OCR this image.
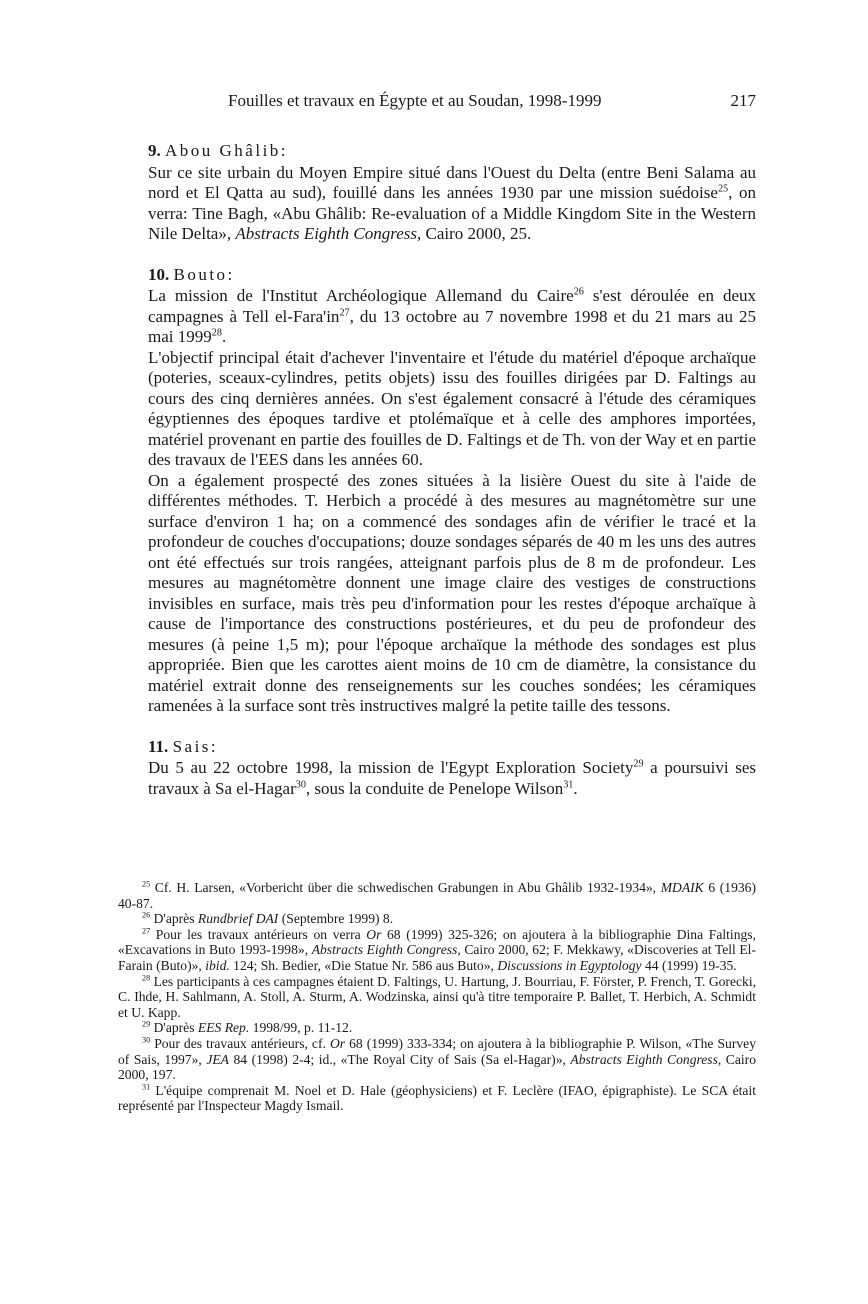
Fouilles et travaux en Égypte et au Soudan, 1998-1999	217
9. Abou Ghâlib:

Sur ce site urbain du Moyen Empire situé dans l'Ouest du Delta (entre Beni Salama au nord et El Qatta au sud), fouillé dans les années 1930 par une mission suédoise$^{25}$, on verra: Tine Bagh, «Abu Ghâlib: Re-evaluation of a Middle Kingdom Site in the Western Nile Delta», Abstracts Eighth Congress, Cairo 2000, 25.

10. Bouto:

La mission de l'Institut Archéologique Allemand du Caire$^{26}$ s'est déroulée en deux campagnes à Tell $el-Fara'in^{27}$, du 13 octobre au 7 novembre 1998 et du 21 mars au 25 mai 1999$^{28}$.

L'objectif principal était d'achever l'inventaire et l'étude du matériel d'époque archaïque (poteries, sceaux-cylindres, petits objets) issu des fouilles dirigées par D. Faltings au cours des cinq dernières années. On s'est également consacré à l'étude des céramiques égyptiennes des époques tardive et ptolémaïque et à celle des amphores importées, matériel provenant en partie des fouilles de D. Faltings et de Th. von der Way et en partie des travaux de l'EES dans les années 60.

On a également prospecté des zones situées à la lisière Ouest du site à l'aide de différentes méthodes. T. Herbich a procédé à des mesures au magnétomètre sur une surface d'environ 1 ha; on a commencé des sondages afin de vérifier le tracé et la profondeur de couches d'occupations; douze sondages séparés de 40 m les uns des autres ont été effectués sur trois rangées, atteignant parfois plus de 8 m de profondeur. Les mesures au magnétomètre donnent une image claire des vestiges de constructions invisibles en surface, mais très peu d'information pour les restes d'époque archaïque à cause de l'importance des constructions postérieures, et du peu de profondeur des mesures (à peine 1,5 m); pour l'époque archaïque la méthode des sondages est plus appropriée. Bien que les carottes aient moins de 10 cm de diamètre, la consistance du matériel extrait donne des renseignements sur les couches sondées; les céramiques ramenées à la surface sont très instructives malgré la petite taille des tessons.

11. Sais:

Du 5 au 22 octobre 1998, la mission de l'Egypt Exploration Society$^{29}$ a poursuivi ses travaux à Sa el-Hagar$^{30}$, sous la conduite de Penelope Wilson$^{31}$.

$^{25}$ Cf. H. Larsen, «Vorbericht über die schwedischen Grabungen in Abu Ghâlib 1932-1934», MDAIK 6 (1936) 40-87.

$^{26}$ D'après Rundbrief DAI (Septembre 1999) 8.

$^{27}$ Pour les travaux antérieurs on verra Or 68 (1999) 325-326; on ajoutera à la bibliographie Dina Faltings, «Excavations in Buto 1993-1998», Abstracts Eighth Congress, Cairo 2000, 62; F. Mekkawy, «Discoveries at Tell El-Farain (Buto)», ibid. 124; Sh. Bedier, «Die Statue Nr. 586 aus Buto», Discussions in Egyptology 44 (1999) 19-35.

$^{28}$ Les participants à ces campagnes étaient D. Faltings, U. Hartung, J. Bourriau, F. Förster, P. French, T. Gorecki, C. Ihde, H. Sahlmann, A. Stoll, A. Sturm, A. Wodzinska, ainsi qu'à titre temporaire P. Ballet, T. Herbich, A. Schmidt et U. Kapp.

$^{29}$ D'après EES Rep. 1998/99, p. 11-12.

$^{30}$ Pour des travaux antérieurs, cf. Or 68 (1999) 333-334; on ajoutera à la bibliographie P. Wilson, «The Survey of Sais, 1997», JEA 84 (1998) 2-4; id., «The Royal City of Sais (Sa el-Hagar)», Abstracts Eighth Congress, Cairo 2000, 197.

$^{31}$ L'équipe comprenait M. Noel et D. Hale (géophysiciens) et F. Leclère (IFAO, épigraphiste). Le SCA était représenté par l'Inspecteur Magdy Ismail.
